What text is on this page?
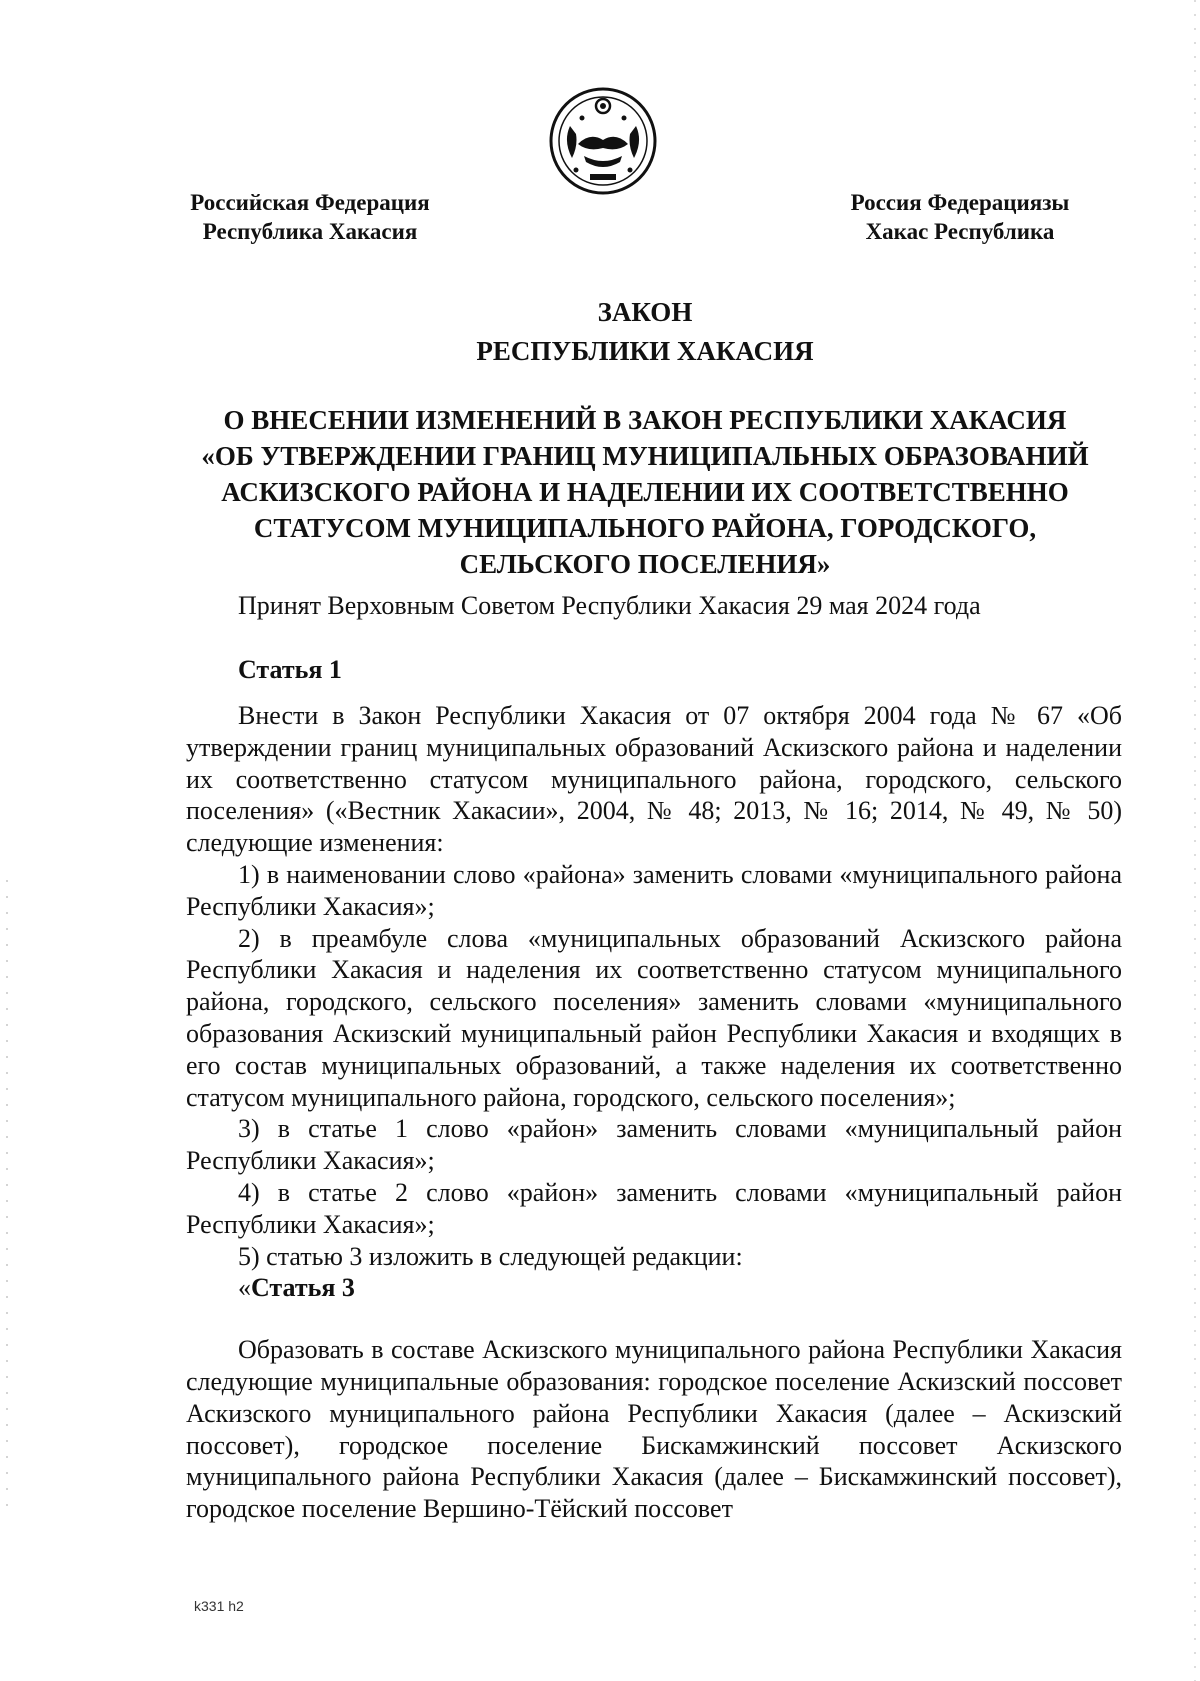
Российская Федерация
Республика Хакасия
Россия Федерациязы
Хакас Республика
ЗАКОН
РЕСПУБЛИКИ ХАКАСИЯ
О ВНЕСЕНИИ ИЗМЕНЕНИЙ В ЗАКОН РЕСПУБЛИКИ ХАКАСИЯ
«ОБ УТВЕРЖДЕНИИ ГРАНИЦ МУНИЦИПАЛЬНЫХ ОБРАЗОВАНИЙ
АСКИЗСКОГО РАЙОНА И НАДЕЛЕНИИ ИХ СООТВЕТСТВЕННО
СТАТУСОМ МУНИЦИПАЛЬНОГО РАЙОНА, ГОРОДСКОГО,
СЕЛЬСКОГО ПОСЕЛЕНИЯ»
Принят Верховным Советом Республики Хакасия 29 мая 2024 года
Статья 1

Внести в Закон Республики Хакасия от 07 октября 2004 года № 67 «Об утверждении границ муниципальных образований Аскизского района и наделении их соответственно статусом муниципального района, городского, сельского поселения» («Вестник Хакасии», 2004, № 48; 2013, № 16; 2014, № 49, № 50) следующие изменения:

1) в наименовании слово «района» заменить словами «муниципального района Республики Хакасия»;

2) в преамбуле слова «муниципальных образований Аскизского района Республики Хакасия и наделения их соответственно статусом муниципального района, городского, сельского поселения» заменить словами «муниципального образования Аскизский муниципальный район Республики Хакасия и входящих в его состав муниципальных образований, а также наделения их соответственно статусом муниципального района, городского, сельского поселения»;

3) в статье 1 слово «район» заменить словами «муниципальный район Республики Хакасия»;

4) в статье 2 слово «район» заменить словами «муниципальный район Республики Хакасия»;

5) статью 3 изложить в следующей редакции:

«Статья 3

Образовать в составе Аскизского муниципального района Республики Хакасия следующие муниципальные образования: городское поселение Аскизский поссовет Аскизского муниципального района Республики Хакасия (далее – Аскизский поссовет), городское поселение Бискамжинский поссовет Аскизского муниципального района Республики Хакасия (далее – Бискамжинский поссовет), городское поселение Вершино-Тёйский поссовет

k331 h2
